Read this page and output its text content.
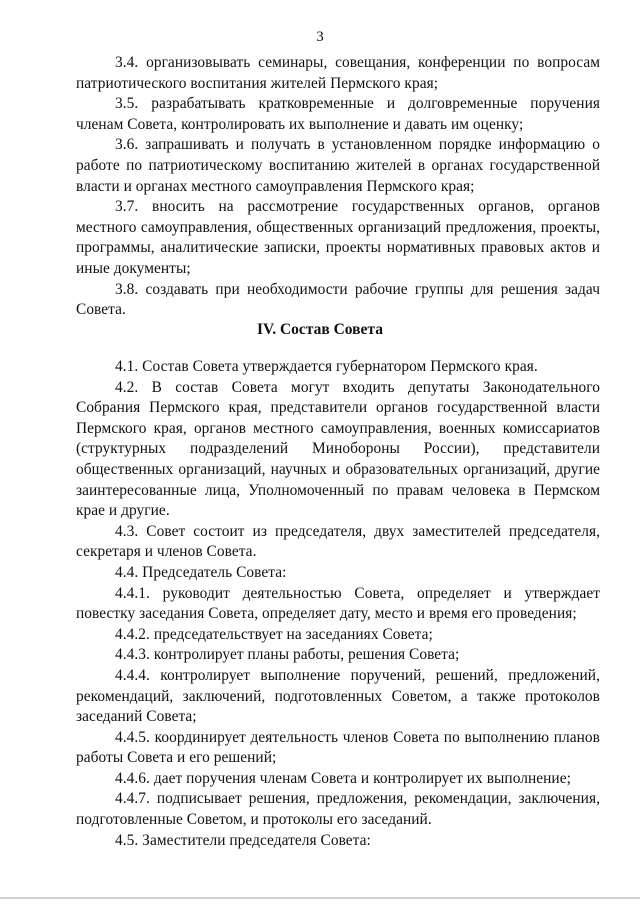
3

3.4. организовывать семинары, совещания, конференции по вопросам патриотического воспитания жителей Пермского края;

3.5. разрабатывать кратковременные и долговременные поручения членам Совета, контролировать их выполнение и давать им оценку;

3.6. запрашивать и получать в установленном порядке информацию о работе по патриотическому воспитанию жителей в органах государственной власти и органах местного самоуправления Пермского края;

3.7. вносить на рассмотрение государственных органов, органов местного самоуправления, общественных организаций предложения, проекты, программы, аналитические записки, проекты нормативных правовых актов и иные документы;

3.8. создавать при необходимости рабочие группы для решения задач Совета.

IV. Состав Совета

4.1. Состав Совета утверждается губернатором Пермского края.

4.2. В состав Совета могут входить депутаты Законодательного Собрания Пермского края, представители органов государственной власти Пермского края, органов местного самоуправления, военных комиссариатов (структурных подразделений Минобороны России), представители общественных организаций, научных и образовательных организаций, другие заинтересованные лица, Уполномоченный по правам человека в Пермском крае и другие.

4.3. Совет состоит из председателя, двух заместителей председателя, секретаря и членов Совета.

4.4. Председатель Совета:

4.4.1. руководит деятельностью Совета, определяет и утверждает повестку заседания Совета, определяет дату, место и время его проведения;

4.4.2. председательствует на заседаниях Совета;

4.4.3. контролирует планы работы, решения Совета;

4.4.4. контролирует выполнение поручений, решений, предложений, рекомендаций, заключений, подготовленных Советом, а также протоколов заседаний Совета;

4.4.5. координирует деятельность членов Совета по выполнению планов работы Совета и его решений;

4.4.6. дает поручения членам Совета и контролирует их выполнение;

4.4.7. подписывает решения, предложения, рекомендации, заключения, подготовленные Советом, и протоколы его заседаний.

4.5. Заместители председателя Совета:
